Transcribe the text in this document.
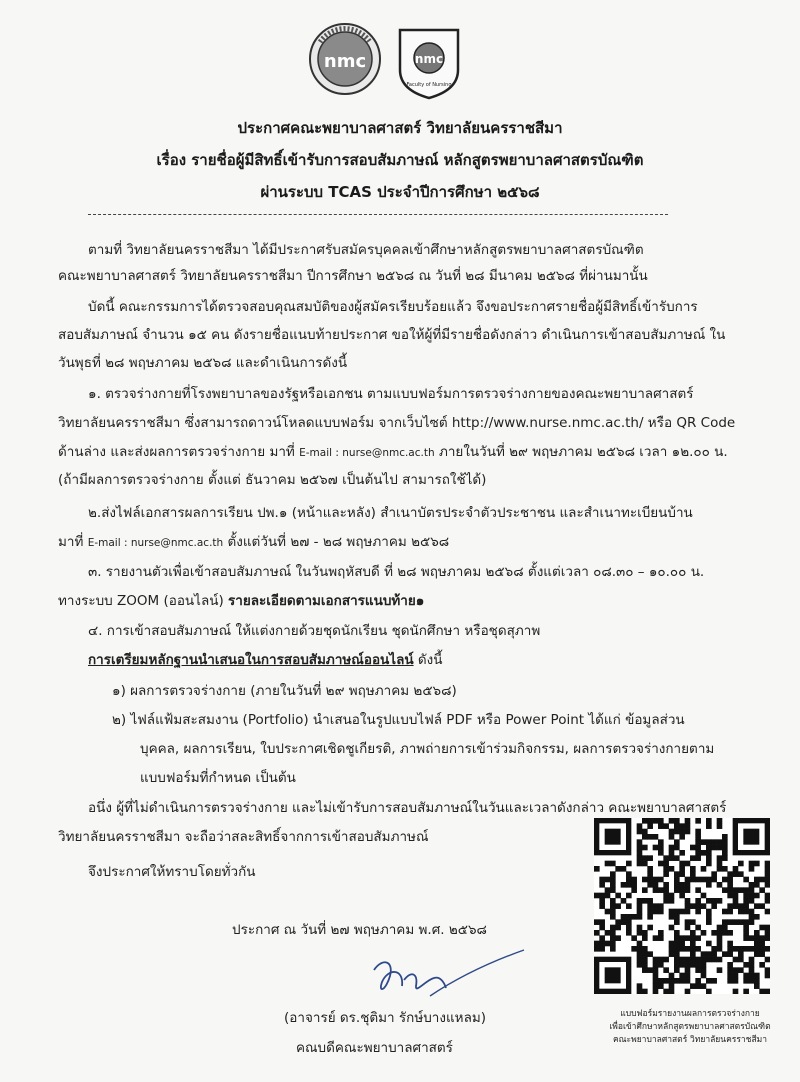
nmc	nmc
Faculty of Nursing
ประกาศคณะพยาบาลศาสตร์ วิทยาลัยนครราชสีมา
เรื่อง รายชื่อผู้มีสิทธิ์เข้ารับการสอบสัมภาษณ์ หลักสูตรพยาบาลศาสตรบัณฑิต
ผ่านระบบ TCAS ประจำปีการศึกษา ๒๕๖๘
ตามที่ วิทยาลัยนครราชสีมา ได้มีประกาศรับสมัครบุคคลเข้าศึกษาหลักสูตรพยาบาลศาสตรบัณฑิต
คณะพยาบาลศาสตร์ วิทยาลัยนครราชสีมา ปีการศึกษา ๒๕๖๘ ณ วันที่ ๒๘ มีนาคม ๒๕๖๘ ที่ผ่านมานั้น
บัดนี้ คณะกรรมการได้ตรวจสอบคุณสมบัติของผู้สมัครเรียบร้อยแล้ว จึงขอประกาศรายชื่อผู้มีสิทธิ์เข้ารับการ
สอบสัมภาษณ์ จำนวน ๑๕ คน ดังรายชื่อแนบท้ายประกาศ ขอให้ผู้ที่มีรายชื่อดังกล่าว ดำเนินการเข้าสอบสัมภาษณ์ ใน
วันพุธที่ ๒๘ พฤษภาคม ๒๕๖๘ และดำเนินการดังนี้
๑. ตรวจร่างกายที่โรงพยาบาลของรัฐหรือเอกชน ตามแบบฟอร์มการตรวจร่างกายของคณะพยาบาลศาสตร์
วิทยาลัยนครราชสีมา ซึ่งสามารถดาวน์โหลดแบบฟอร์ม จากเว็บไซต์ http://www.nurse.nmc.ac.th/ หรือ QR Code
ด้านล่าง และส่งผลการตรวจร่างกาย มาที่ E-mail : nurse@nmc.ac.th ภายในวันที่ ๒๙ พฤษภาคม ๒๕๖๘ เวลา ๑๒.๐๐ น.
(ถ้ามีผลการตรวจร่างกาย ตั้งแต่ ธันวาคม ๒๕๖๗ เป็นต้นไป สามารถใช้ได้)
๒.ส่งไฟล์เอกสารผลการเรียน ปพ.๑ (หน้าและหลัง) สำเนาบัตรประจำตัวประชาชน และสำเนาทะเบียนบ้าน
มาที่ E-mail : nurse@nmc.ac.th ตั้งแต่วันที่ ๒๗ - ๒๘ พฤษภาคม ๒๕๖๘
๓. รายงานตัวเพื่อเข้าสอบสัมภาษณ์ ในวันพฤหัสบดี ที่ ๒๘ พฤษภาคม ๒๕๖๘ ตั้งแต่เวลา ๐๘.๓๐ – ๑๐.๐๐ น.
ทางระบบ ZOOM (ออนไลน์) รายละเอียดตามเอกสารแนบท้าย๑
๔. การเข้าสอบสัมภาษณ์ ให้แต่งกายด้วยชุดนักเรียน ชุดนักศึกษา หรือชุดสุภาพ
การเตรียมหลักฐานนำเสนอในการสอบสัมภาษณ์ออนไลน์ ดังนี้
๑) ผลการตรวจร่างกาย (ภายในวันที่ ๒๙ พฤษภาคม ๒๕๖๘)
๒) ไฟล์แฟ้มสะสมงาน (Portfolio) นำเสนอในรูปแบบไฟล์ PDF หรือ Power Point ได้แก่ ข้อมูลส่วน
บุคคล, ผลการเรียน, ใบประกาศเชิดชูเกียรติ, ภาพถ่ายการเข้าร่วมกิจกรรม, ผลการตรวจร่างกายตาม
แบบฟอร์มที่กำหนด เป็นต้น
อนึ่ง ผู้ที่ไม่ดำเนินการตรวจร่างกาย และไม่เข้ารับการสอบสัมภาษณ์ในวันและเวลาดังกล่าว คณะพยาบาลศาสตร์
วิทยาลัยนครราชสีมา จะถือว่าสละสิทธิ์จากการเข้าสอบสัมภาษณ์
จึงประกาศให้ทราบโดยทั่วกัน
ประกาศ ณ วันที่ ๒๗ พฤษภาคม พ.ศ. ๒๕๖๘
(อาจารย์ ดร.ชุติมา รักษ์บางแหลม)
คณบดีคณะพยาบาลศาสตร์
แบบฟอร์มรายงานผลการตรวจร่างกาย
เพื่อเข้าศึกษาหลักสูตรพยาบาลศาสตรบัณฑิต
คณะพยาบาลศาสตร์ วิทยาลัยนครราชสีมา
